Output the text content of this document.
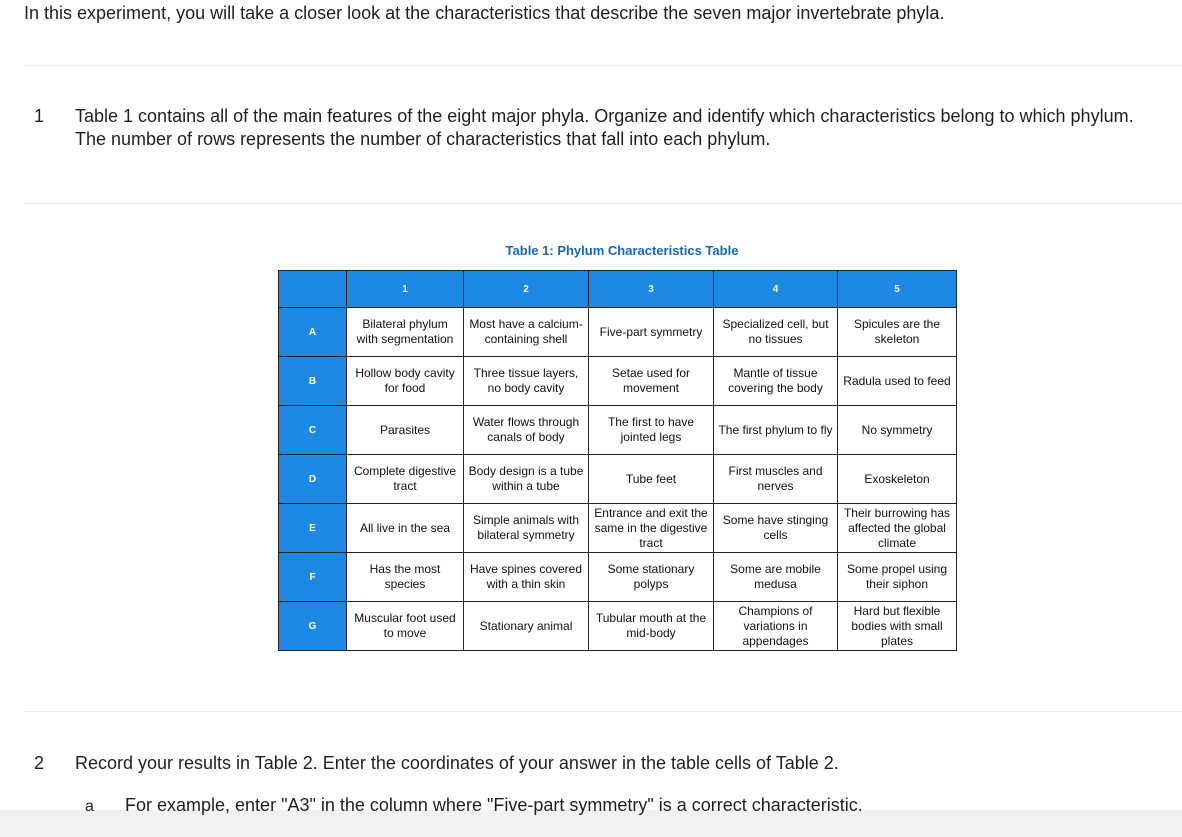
In this experiment, you will take a closer look at the characteristics that describe the seven major invertebrate phyla.
1 Table 1 contains all of the main features of the eight major phyla. Organize and identify which characteristics belong to which phylum. The number of rows represents the number of characteristics that fall into each phylum.
Table 1: Phylum Characteristics Table
	1	2	3	4	5
A	Bilateral phylum with segmentation	Most have a calcium-containing shell	Five-part symmetry	Specialized cell, but no tissues	Spicules are the skeleton
B	Hollow body cavity for food	Three tissue layers, no body cavity	Setae used for movement	Mantle of tissue covering the body	Radula used to feed
C	Parasites	Water flows through canals of body	The first to have jointed legs	The first phylum to fly	No symmetry
D	Complete digestive tract	Body design is a tube within a tube	Tube feet	First muscles and nerves	Exoskeleton
E	All live in the sea	Simple animals with bilateral symmetry	Entrance and exit the same in the digestive tract	Some have stinging cells	Their burrowing has affected the global climate
F	Has the most species	Have spines covered with a thin skin	Some stationary polyps	Some are mobile medusa	Some propel using their siphon
G	Muscular foot used to move	Stationary animal	Tubular mouth at the mid-body	Champions of variations in appendages	Hard but flexible bodies with small plates
2 Record your results in Table 2. Enter the coordinates of your answer in the table cells of Table 2.
a For example, enter "A3" in the column where "Five-part symmetry" is a correct characteristic.
